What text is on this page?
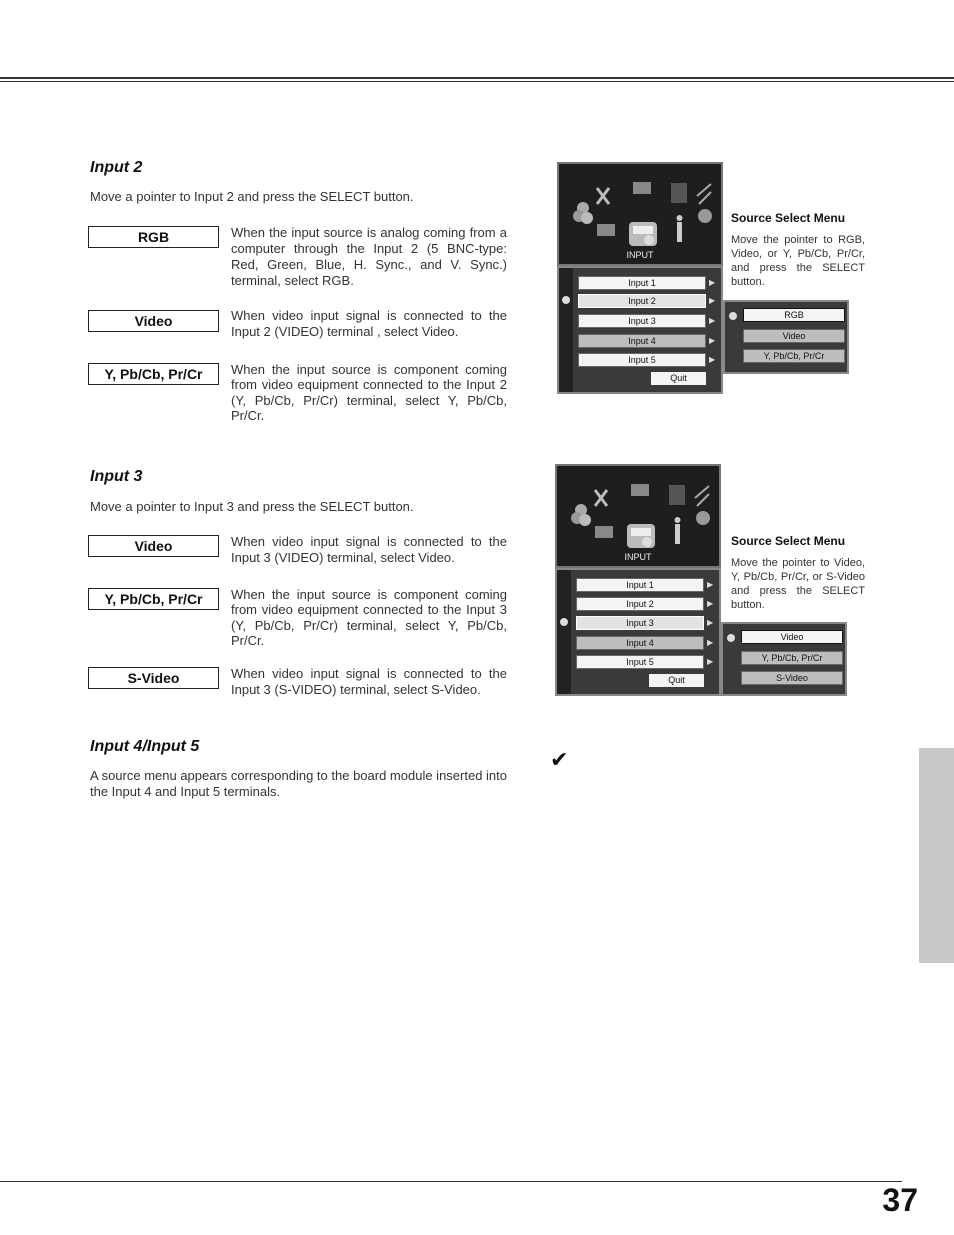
37
Input 2
Move a pointer to Input 2 and press the SELECT button.
RGB	When the input source is analog coming from a computer through the Input 2 (5 BNC-type: Red, Green, Blue, H. Sync., and V. Sync.) terminal, select RGB.
Video	When video input signal is connected to the Input 2 (VIDEO) terminal , select Video.
Y, Pb/Cb, Pr/Cr	When the input source is component coming from video equipment connected to the Input 2 (Y, Pb/Cb, Pr/Cr) terminal, select Y, Pb/Cb, Pr/Cr.
Source Select Menu
Move the pointer to RGB, Video, or Y, Pb/Cb, Pr/Cr, and press the SELECT button.
INPUT
Input 1
Input 2
Input 3
Input 4
Input 5
Quit
▶
▶
▶
▶
▶
RGB
Video
Y, Pb/Cb, Pr/Cr
Input 3
Move a pointer to Input 3 and press the SELECT button.
Video	When video input signal is connected to the Input 3 (VIDEO) terminal, select Video.
Y, Pb/Cb, Pr/Cr	When the input source is component coming from video equipment connected to the Input 3 (Y, Pb/Cb, Pr/Cr) terminal, select Y, Pb/Cb, Pr/Cr.
S-Video	When video input signal is connected to the Input 3 (S-VIDEO) terminal, select S-Video.
Source Select Menu
Move the pointer to Video, Y, Pb/Cb, Pr/Cr, or S-Video and press the SELECT button.
INPUT
Input 1
Input 2
Input 3
Input 4
Input 5
Quit
▶
▶
▶
▶
▶
Video
Y, Pb/Cb, Pr/Cr
S-Video
Input 4/Input 5
A source menu appears corresponding to the board module inserted into the Input 4 and Input 5 terminals.
✔
